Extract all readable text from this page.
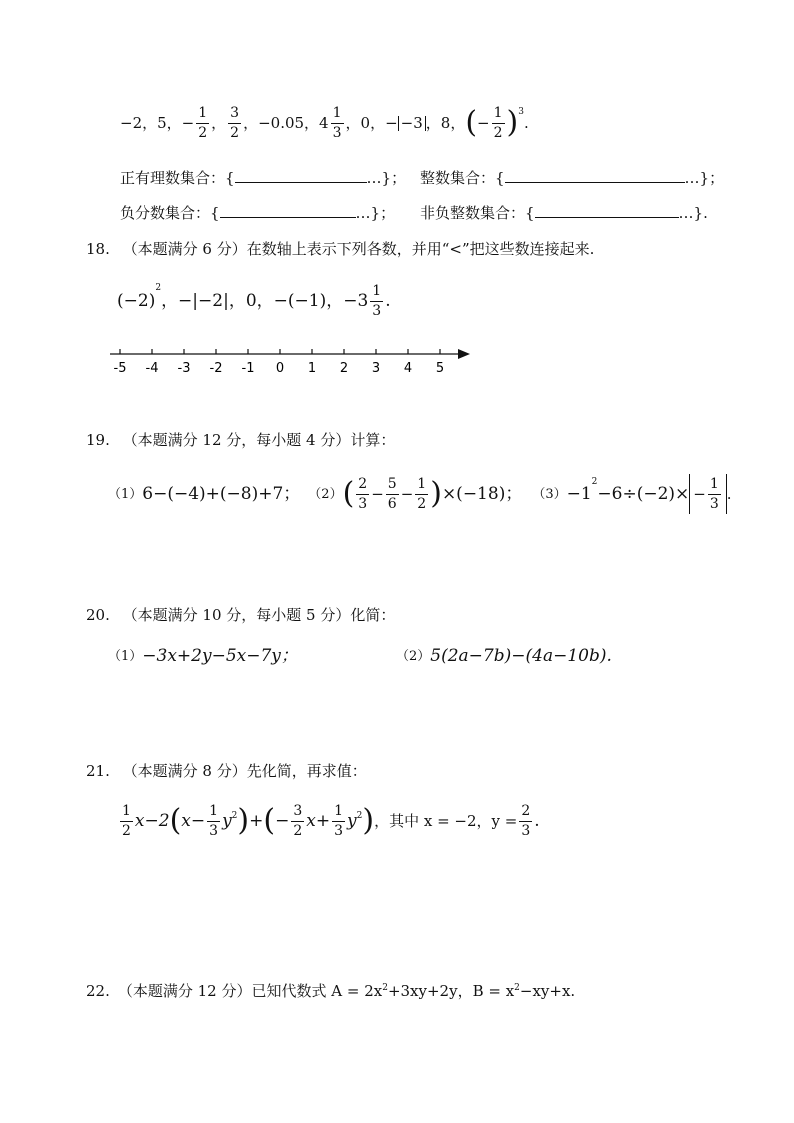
−2，5， − $\frac{1}{2}$ ， $\frac{3}{2}$ ，−0.05，$4 \frac{1}{3}$ ，0，− −3 ，8， ( − $\frac{1}{2} )^3$
.
正有理数集合：{	…}； 整数集合：{	…}；
负分数集合：{	…}； 非负整数集合：{	…}.
18. （本题满分 6 分）在数轴上表示下列各数，并用“<”把这些数连接起来.
(−2)
$^2$
，−|−2|，0，−(−1)，$-3 \frac{1}{3}$ .
-5 -4 -3 -2 -1 0 1 2 3 4 5
19. （本题满分 12 分，每小题 4 分）计算：
（1） 6−(−4)+(−8)+7； （2） ( $\frac{2}{3} - \frac{5}{6} - \frac{1}{2}$ ) ×(−18)； （3） −1
$^2$
$-6\div(-2)\times - \frac{1}{3}$ .
20. （本题满分 10 分，每小题 5 分）化简：
（1） −3x+2y−5x−7y；	（2） 5(2a−7b)−(4a−10b).
21. （本题满分 8 分）先化简，再求值：
$\frac{1}{2} x-2$ ( $x- \frac{1}{3} y^2$ ) + ( − $\frac{3}{2} x+ \frac{1}{3} y^2$ ) ，其中 x = −2，$y = \frac{2}{3}$ .
22. （本题满分 12 分）已知代数式 $A = 2x^2 +3xy+2y$，$B = x^2 -xy+x$.
